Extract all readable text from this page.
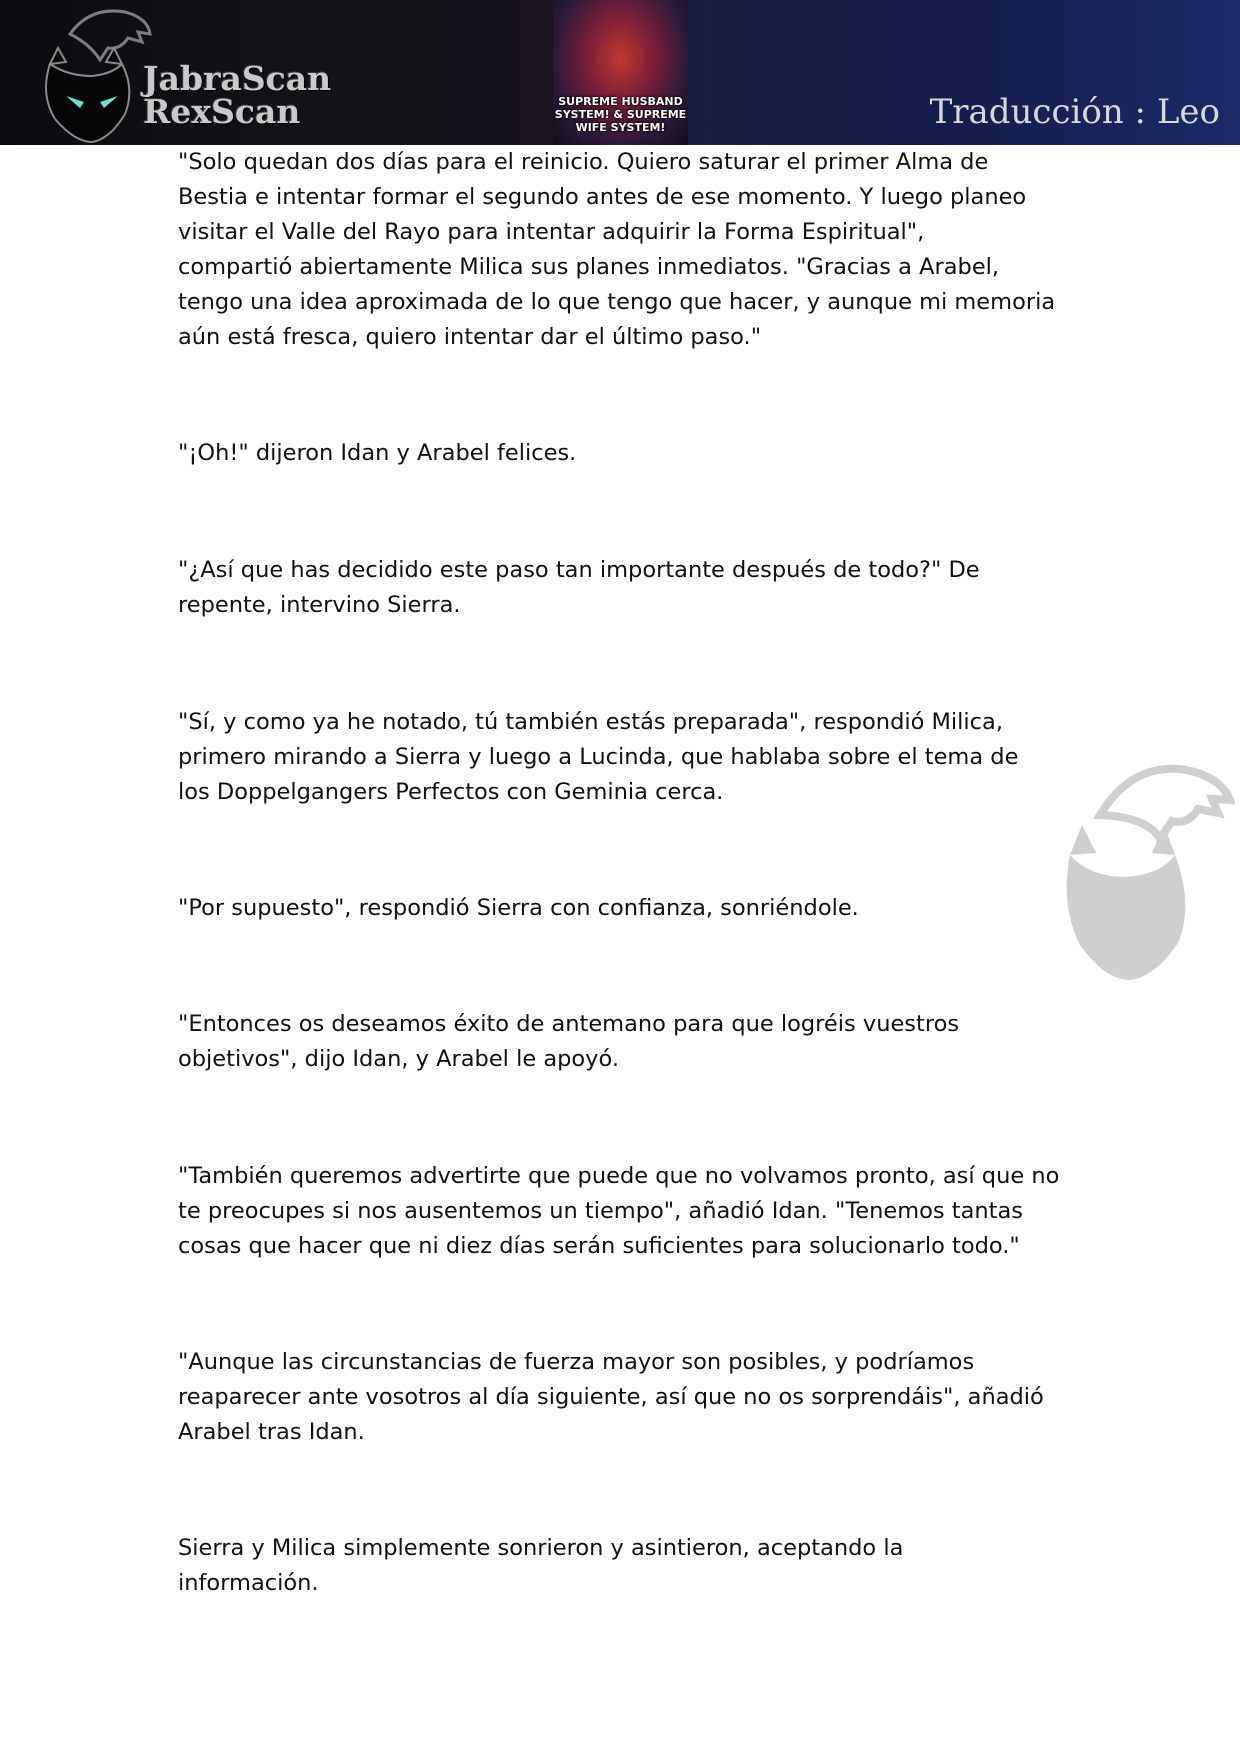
JabraScan
RexScan	SUPREME HUSBAND
SYSTEM! & SUPREME
WIFE SYSTEM!	Traducción : Leo

"Solo quedan dos días para el reinicio. Quiero saturar el primer Alma de
Bestia e intentar formar el segundo antes de ese momento. Y luego planeo
visitar el Valle del Rayo para intentar adquirir la Forma Espiritual",
compartió abiertamente Milica sus planes inmediatos. "Gracias a Arabel,
tengo una idea aproximada de lo que tengo que hacer, y aunque mi memoria
aún está fresca, quiero intentar dar el último paso."

"¡Oh!" dijeron Idan y Arabel felices.

"¿Así que has decidido este paso tan importante después de todo?" De
repente, intervino Sierra.

"Sí, y como ya he notado, tú también estás preparada", respondió Milica,
primero mirando a Sierra y luego a Lucinda, que hablaba sobre el tema de
los Doppelgangers Perfectos con Geminia cerca.

"Por supuesto", respondió Sierra con confianza, sonriéndole.

"Entonces os deseamos éxito de antemano para que logréis vuestros
objetivos", dijo Idan, y Arabel le apoyó.

"También queremos advertirte que puede que no volvamos pronto, así que no
te preocupes si nos ausentemos un tiempo", añadió Idan. "Tenemos tantas
cosas que hacer que ni diez días serán suficientes para solucionarlo todo."

"Aunque las circunstancias de fuerza mayor son posibles, y podríamos
reaparecer ante vosotros al día siguiente, así que no os sorprendáis", añadió
Arabel tras Idan.

Sierra y Milica simplemente sonrieron y asintieron, aceptando la
información.
